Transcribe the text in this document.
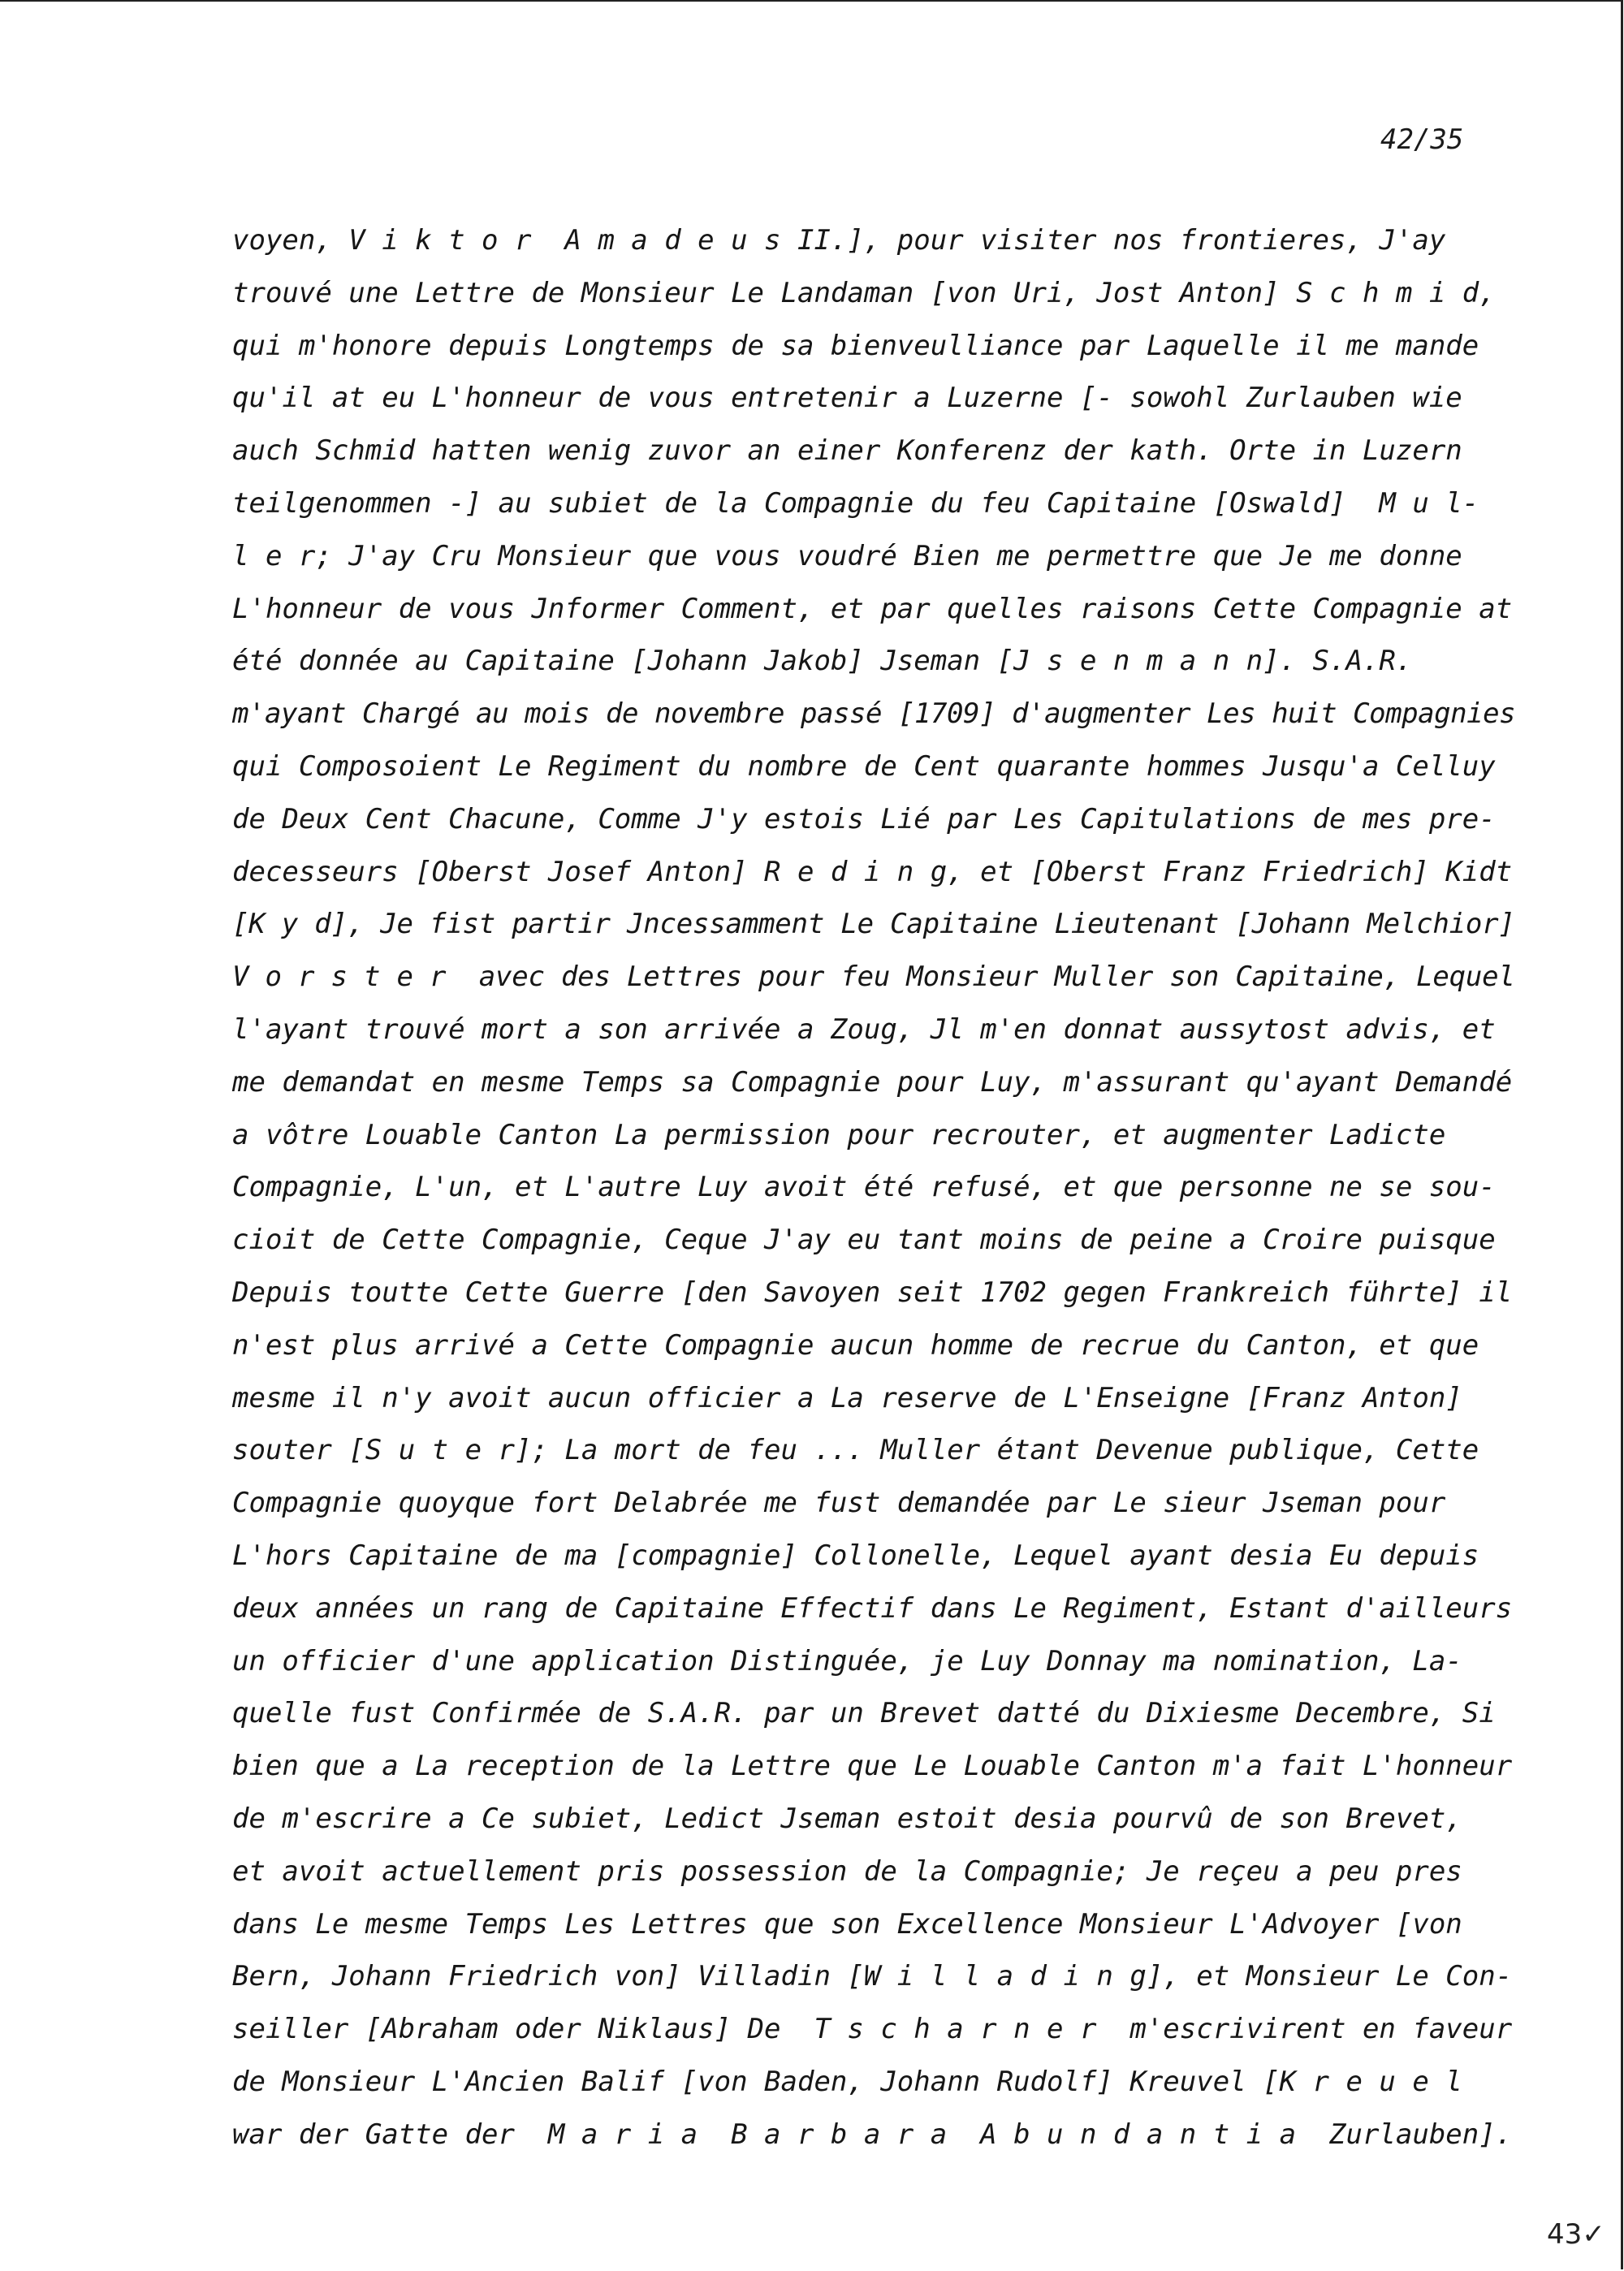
42/35
voyen, V i k t o r  A m a d e u s II.], pour visiter nos frontieres, J'ay
trouvé une Lettre de Monsieur Le Landaman [von Uri, Jost Anton] S c h m i d,
qui m'honore depuis Longtemps de sa bienveulliance par Laquelle il me mande
qu'il at eu L'honneur de vous entretenir a Luzerne [- sowohl Zurlauben wie
auch Schmid hatten wenig zuvor an einer Konferenz der kath. Orte in Luzern
teilgenommen -] au subiet de la Compagnie du feu Capitaine [Oswald]  M u l-
l e r; J'ay Cru Monsieur que vous voudré Bien me permettre que Je me donne
L'honneur de vous Jnformer Comment, et par quelles raisons Cette Compagnie at
été donnée au Capitaine [Johann Jakob] Jseman [J s e n m a n n]. S.A.R.
m'ayant Chargé au mois de novembre passé [1709] d'augmenter Les huit Compagnies
qui Composoient Le Regiment du nombre de Cent quarante hommes Jusqu'a Celluy
de Deux Cent Chacune, Comme J'y estois Lié par Les Capitulations de mes pre-
decesseurs [Oberst Josef Anton] R e d i n g, et [Oberst Franz Friedrich] Kidt
[K y d], Je fist partir Jncessamment Le Capitaine Lieutenant [Johann Melchior]
V o r s t e r  avec des Lettres pour feu Monsieur Muller son Capitaine, Lequel
l'ayant trouvé mort a son arrivée a Zoug, Jl m'en donnat aussytost advis, et
me demandat en mesme Temps sa Compagnie pour Luy, m'assurant qu'ayant Demandé
a vôtre Louable Canton La permission pour recrouter, et augmenter Ladicte
Compagnie, L'un, et L'autre Luy avoit été refusé, et que personne ne se sou-
cioit de Cette Compagnie, Ceque J'ay eu tant moins de peine a Croire puisque
Depuis toutte Cette Guerre [den Savoyen seit 1702 gegen Frankreich führte] il
n'est plus arrivé a Cette Compagnie aucun homme de recrue du Canton, et que
mesme il n'y avoit aucun officier a La reserve de L'Enseigne [Franz Anton]
souter [S u t e r]; La mort de feu ... Muller étant Devenue publique, Cette
Compagnie quoyque fort Delabrée me fust demandée par Le sieur Jseman pour
L'hors Capitaine de ma [compagnie] Collonelle, Lequel ayant desia Eu depuis
deux années un rang de Capitaine Effectif dans Le Regiment, Estant d'ailleurs
un officier d'une application Distinguée, je Luy Donnay ma nomination, La-
quelle fust Confirmée de S.A.R. par un Brevet datté du Dixiesme Decembre, Si
bien que a La reception de la Lettre que Le Louable Canton m'a fait L'honneur
de m'escrire a Ce subiet, Ledict Jseman estoit desia pourvû de son Brevet,
et avoit actuellement pris possession de la Compagnie; Je reçeu a peu pres
dans Le mesme Temps Les Lettres que son Excellence Monsieur L'Advoyer [von
Bern, Johann Friedrich von] Villadin [W i l l a d i n g], et Monsieur Le Con-
seiller [Abraham oder Niklaus] De  T s c h a r n e r  m'escrivirent en faveur
de Monsieur L'Ancien Balif [von Baden, Johann Rudolf] Kreuvel [K r e u e l
war der Gatte der  M a r i a  B a r b a r a  A b u n d a n t i a  Zurlauben].
43✓
